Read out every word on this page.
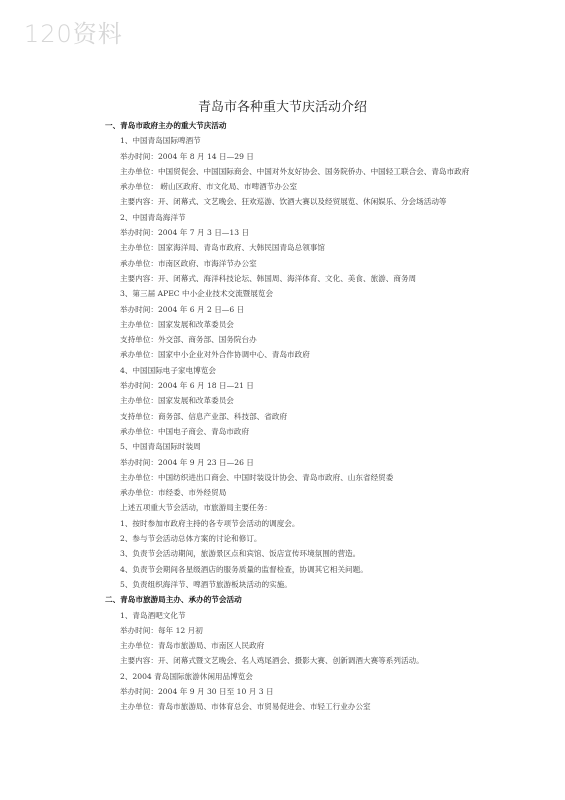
120资料
青岛市各种重大节庆活动介绍
一、青岛市政府主办的重大节庆活动
1、中国青岛国际啤酒节
举办时间：2004 年 8 月 14 日—29 日
主办单位：中国贸促会、中国国际商会、中国对外友好协会、国务院侨办、中国轻工联合会、青岛市政府
承办单位： 崂山区政府、市文化局、市啤酒节办公室
主要内容：开、闭幕式、文艺晚会、狂欢巡游、饮酒大赛以及经贸展览、休闲娱乐、分会场活动等
2、中国青岛海洋节
举办时间：2004 年 7 月 3 日—13 日
主办单位：国家海洋局、青岛市政府、大韩民国青岛总领事馆
承办单位：市南区政府、市海洋节办公室
主要内容：开、闭幕式、海洋科技论坛、韩国周、海洋体育、文化、美食、旅游、商务周
3、第三届 APEC 中小企业技术交流暨展览会
举办时间：2004 年 6 月 2 日—6 日
主办单位：国家发展和改革委员会
支持单位：外交部、商务部、国务院台办
承办单位：国家中小企业对外合作协调中心、青岛市政府
4、中国国际电子家电博览会
举办时间：2004 年 6 月 18 日—21 日
主办单位：国家发展和改革委员会
支持单位：商务部、信息产业部、科技部、省政府
承办单位：中国电子商会、青岛市政府
5、中国青岛国际时装周
举办时间：2004 年 9 月 23 日—26 日
主办单位：中国纺织进出口商会、中国时装设计协会、青岛市政府、山东省经贸委
承办单位：市经委、市外经贸局
上述五项重大节会活动，市旅游局主要任务：
1、按时参加市政府主持的各专项节会活动的调度会。
2、参与节会活动总体方案的讨论和修订。
3、负责节会活动期间，旅游景区点和宾馆、饭店宣传环境氛围的营造。
4、负责节会期间各星级酒店的服务质量的监督检查，协调其它相关问题。
5、负责组织海洋节、啤酒节旅游板块活动的实施。
二、青岛市旅游局主办、承办的节会活动
1、青岛酒吧文化节
举办时间：每年 12 月初
主办单位：青岛市旅游局、市南区人民政府
主要内容：开、闭幕式暨文艺晚会、名人鸡尾酒会、摄影大赛、创新调酒大赛等系列活动。
2、2004 青岛国际旅游休闲用品博览会
举办时间：2004 年 9 月 30 日至 10 月 3 日
主办单位：青岛市旅游局、市体育总会、市贸易促进会、市轻工行业办公室
